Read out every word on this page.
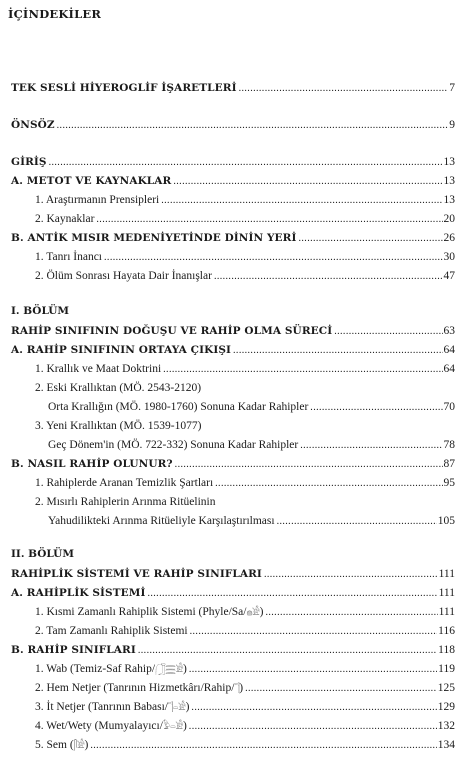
İÇİNDEKİLER
TEK SESLİ HİYEROGLİF İŞARETLERİ .....	7
ÖNSÖZ .....	9
GİRİŞ .....	13
A. METOT VE KAYNAKLAR .....	13
1. Araştırmanın Prensipleri .....	13
2. Kaynaklar .....	20
B. ANTİK MISIR MEDENİYETİNDE DİNİN YERİ .....	26
1. Tanrı İnancı .....	30
2. Ölüm Sonrası Hayata Dair İnanışlar .....	47
I. BÖLÜM
RAHİP SINIFININ DOĞUŞU VE RAHİP OLMA SÜRECİ .....	63
A. RAHİP SINIFININ ORTAYA ÇIKIŞI .....	64
1. Krallık ve Maat Doktrini .....	64
2. Eski Krallıktan (MÖ. 2543-2120)
Orta Krallığın (MÖ. 1980-1760) Sonuna Kadar Rahipler .....	70
3. Yeni Krallıktan (MÖ. 1539-1077)
Geç Dönem'in (MÖ. 722-332) Sonuna Kadar Rahipler .....	78
B. NASIL RAHİP OLUNUR? .....	87
1. Rahiplerde Aranan Temizlik Şartları .....	95
2. Mısırlı Rahiplerin Arınma Ritüelinin
Yahudilikteki Arınma Ritüeliyle Karşılaştırılması .....	105
II. BÖLÜM
RAHİPLİK SİSTEMİ VE RAHİP SINIFLARI .....	111
A. RAHİPLİK SİSTEMİ .....	111
1. Kısmi Zamanlı Rahiplik Sistemi (Phyle/Sa/𓐍𓀀) .....	111
2. Tam Zamanlı Rahiplik Sistemi .....	116
B. RAHİP SINIFLARI .....	118
1. Wab (Temiz-Saf Rahip/𓃂𓈗𓀀) .....	119
2. Hem Netjer (Tanrının Hizmetkârı/Rahip/𓊹) .....	125
3. İt Netjer (Tanrının Babası/𓊹𓏏𓀀) .....	129
4. Wet/Wety (Mumyalayıcı/𓅱𓏏𓀀) .....	132
5. Sem (𓋴𓀀) .....	134
